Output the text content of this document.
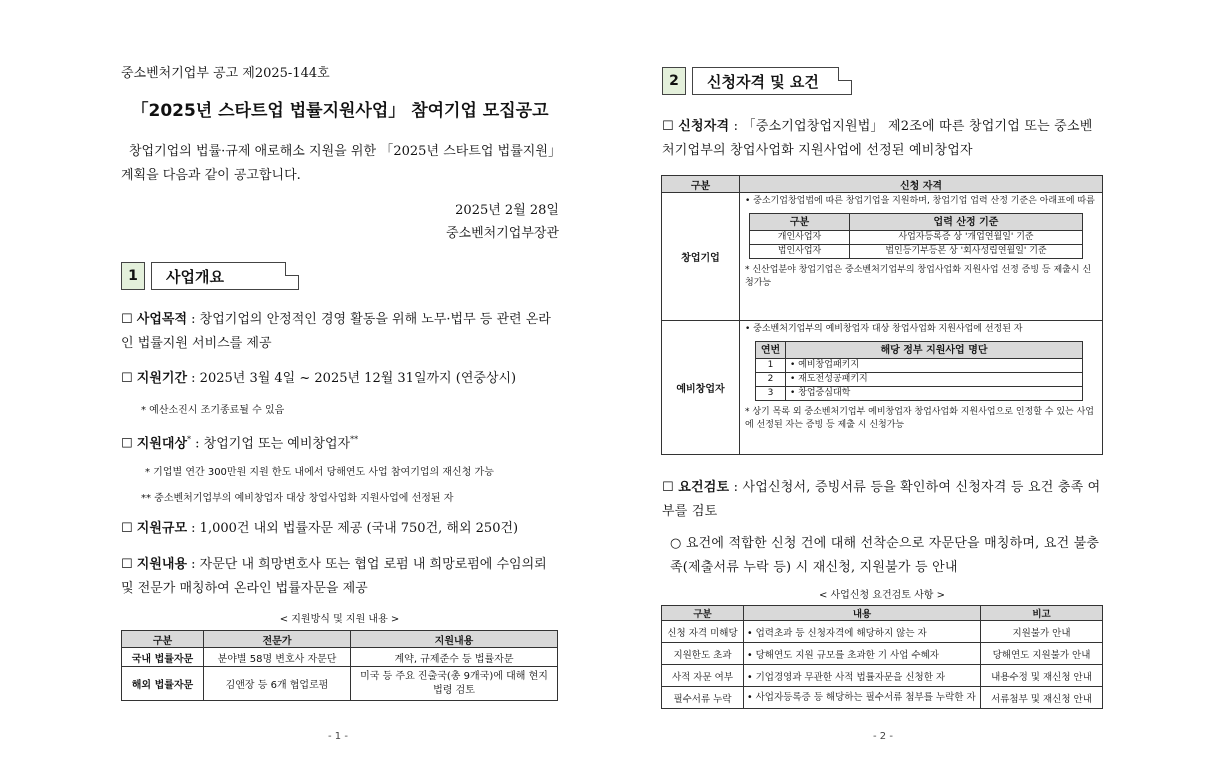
중소벤처기업부 공고 제2025-144호
「2025년 스타트업 법률지원사업」 참여기업 모집공고
창업기업의 법률·규제 애로해소 지원을 위한 「2025년 스타트업 법률지원」 계획을 다음과 같이 공고합니다.
2025년 2월 28일
중소벤처기업부장관
1	사업개요
☐ 사업목적 : 창업기업의 안정적인 경영 활동을 위해 노무·법무 등 관련 온라인 법률지원 서비스를 제공
☐ 지원기간 : 2025년 3월 4일 ~ 2025년 12월 31일까지 (연중상시)
* 예산소진시 조기종료될 수 있음
☐ 지원대상* : 창업기업 또는 예비창업자**
* 기업별 연간 300만원 지원 한도 내에서 당해연도 사업 참여기업의 재신청 가능
** 중소벤처기업부의 예비창업자 대상 창업사업화 지원사업에 선정된 자
☐ 지원규모 : 1,000건 내외 법률자문 제공 (국내 750건, 해외 250건)
☐ 지원내용 : 자문단 내 희망변호사 또는 협업 로펌 내 희망로펌에 수임의뢰 및 전문가 매칭하여 온라인 법률자문을 제공
< 지원방식 및 지원 내용 >
구분	전문가	지원내용
국내 법률자문	분야별 58명 변호사 자문단	계약, 규제준수 등 법률자문
해외 법률자문	김앤장 등 6개 협업로펌	미국 등 주요 진출국(총 9개국)에 대해 현지법령 검토
- 1 -
2	신청자격 및 요건
☐ 신청자격 : 「중소기업창업지원법」 제2조에 따른 창업기업 또는 중소벤처기업부의 창업사업화 지원사업에 선정된 예비창업자
구분	신청 자격
창업기업	
• 중소기업창업법에 따른 창업기업을 지원하며, 창업기업 업력 산정 기준은 아래표에 따름
구분	업력 산정 기준
개인사업자	사업자등록증 상 '개업연월일' 기준
법인사업자	법인등기부등본 상 '회사성립연월일' 기준
* 신산업분야 창업기업은 중소벤처기업부의 창업사업화 지원사업 선정 증빙 등 제출시 신청가능

예비창업자	
• 중소벤처기업부의 예비창업자 대상 창업사업화 지원사업에 선정된 자
연번	해당 정부 지원사업 명단
1	• 예비창업패키지
2	• 재도전성공패키지
3	• 창업중심대학
* 상기 목록 외 중소벤처기업부 예비창업자 창업사업화 지원사업으로 인정할 수 있는 사업에 선정된 자는 증빙 등 제출 시 신청가능
☐ 요건검토 : 사업신청서, 증빙서류 등을 확인하여 신청자격 등 요건 충족 여부를 검토
○ 요건에 적합한 신청 건에 대해 선착순으로 자문단을 매칭하며, 요건 불충족(제출서류 누락 등) 시 재신청, 지원불가 등 안내
< 사업신청 요건검토 사항 >
구분	내용	비고
신청 자격 미해당	• 업력초과 등 신청자격에 해당하지 않는 자	지원불가 안내
지원한도 초과	• 당해연도 지원 규모를 초과한 기 사업 수혜자	당해연도 지원불가 안내
사적 자문 여부	• 기업경영과 무관한 사적 법률자문을 신청한 자	내용수정 및 재신청 안내
필수서류 누락	• 사업자등록증 등 해당하는 필수서류 첨부를 누락한 자	서류첨부 및 재신청 안내
- 2 -
